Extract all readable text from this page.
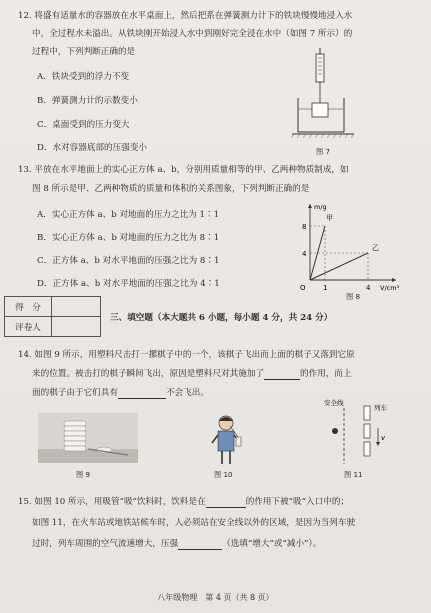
12. 将盛有适量水的容器放在水平桌面上，然后把系在弹簧测力计下的铁块慢慢地浸入水
中，全过程水未溢出。从铁块刚开始浸入水中到刚好完全浸在水中（如图 7 所示）的
过程中，下列判断正确的是
A．铁块受到的浮力不变
B．弹簧测力计的示数变小
C．桌面受到的压力变大
D．水对容器底部的压强变小	图 7
13. 平放在水平地面上的实心正方体 a、b，分别用质量相等的甲、乙两种物质制成，如
图 8 所示是甲、乙两种物质的质量和体积的关系图象，下列判断正确的是
A．实心正方体 a、b 对地面的压力之比为 1∶1
B．实心正方体 a、b 对地面的压力之比为 8∶1
C．正方体 a、b 对水平地面的压强之比为 8∶1
D．正方体 a、b 对水平地面的压强之比为 4∶1
m/g
V/cm³
O 1	4
4
8
甲
乙
图 8
得　分	
评卷人	
三、填空题（本大题共 6 小题，每小题 4 分，共 24 分）
14. 如图 9 所示，用塑料尺击打一摞棋子中的一个，该棋子飞出而上面的棋子又落到它原
来的位置。被击打的棋子瞬间飞出，原因是塑料尺对其施加了	的作用，而上
面的棋子由于它们具有	不会飞出。
图 9	图 10
安全线
列车
v
图 11
15. 如图 10 所示，用吸管“吸”饮料时，饮料是在	的作用下被“吸”入口中的；
如图 11，在火车站或地铁站候车时，人必须站在安全线以外的区域，是因为当列车驶
过时，列车周围的空气流速增大，压强	（选填“增大”或“减小”）。
八年级物理　第 4 页（共 8 页）
